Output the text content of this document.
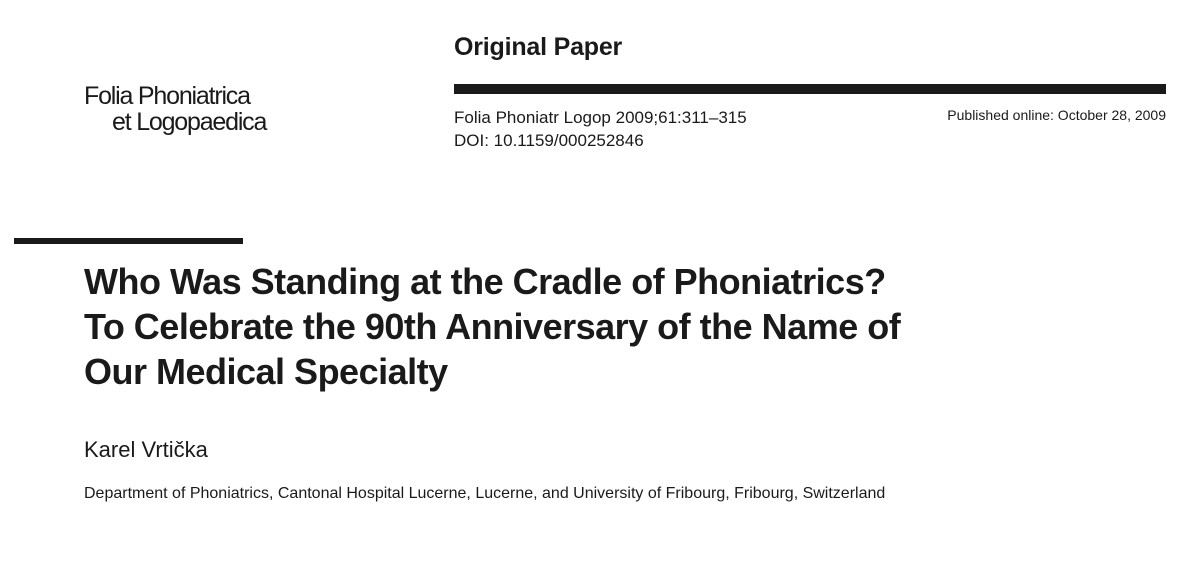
Folia Phoniatrica
et Logopaedica
Original Paper
Folia Phoniatr Logop 2009;61:311–315
DOI: 10.1159/000252846
Published online: October 28, 2009
Who Was Standing at the Cradle of Phoniatrics?
To Celebrate the 90th Anniversary of the Name of
Our Medical Specialty
Karel Vrtička
Department of Phoniatrics, Cantonal Hospital Lucerne, Lucerne, and University of Fribourg, Fribourg, Switzerland
